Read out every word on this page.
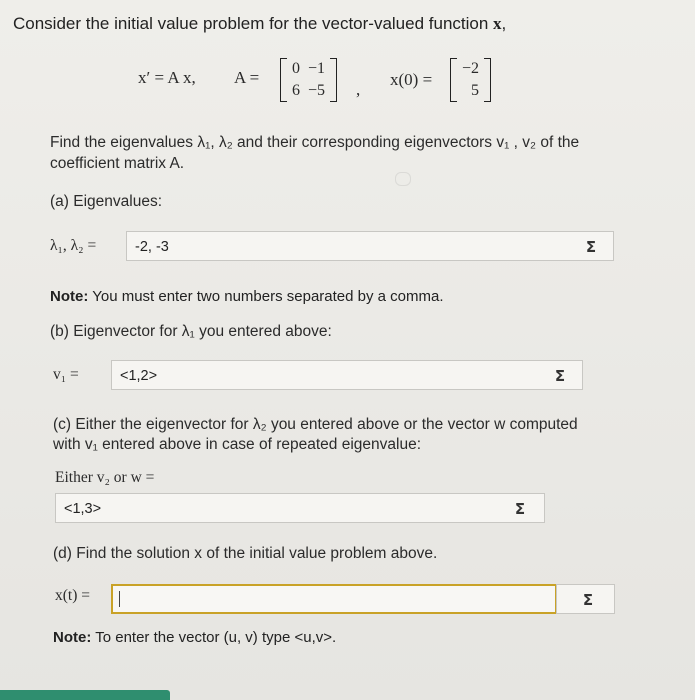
Consider the initial value problem for the vector-valued function x,
x′ = A x, A = 0	−1
6	−5 ,
x(0) =
−2
5
Find the eigenvalues λ₁, λ₂ and their corresponding eigenvectors v₁ , v₂ of the coefficient matrix A.
(a) Eigenvalues:
λ₁, λ₂ =	-2, -3	Σ
Note: You must enter two numbers separated by a comma.
(b) Eigenvector for λ₁ you entered above:
v₁ =	<1,2>	Σ
(c) Either the eigenvector for λ₂ you entered above or the vector w computed
with v₁ entered above in case of repeated eigenvalue:
Either v₂ or w =
<1,3>	Σ
(d) Find the solution x of the initial value problem above.
x(t) =	Σ
Note: To enter the vector (u, v) type <u,v>.
